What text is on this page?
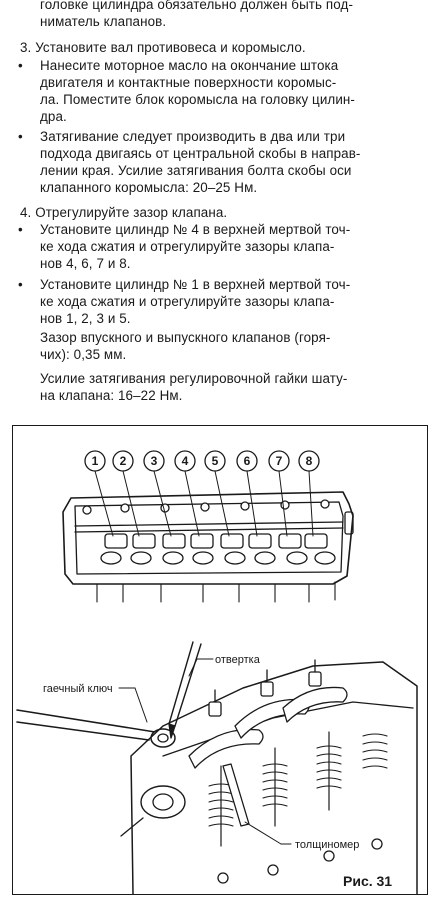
головке цилиндра обязательно должен быть под-
ниматель клапанов.
3. Установите вал противовеса и коромысло.
• Нанесите моторное масло на окончание штока
двигателя и контактные поверхности коромыс-
ла. Поместите блок коромысла на головку цилин-
дра.
• Затягивание следует производить в два или три
подхода двигаясь от центральной скобы в направ-
лении края. Усилие затягивания болта скобы оси
клапанного коромысла: 20–25 Нм.
4. Отрегулируйте зазор клапана.
• Установите цилиндр № 4 в верхней мертвой точ-
ке хода сжатия и отрегулируйте зазоры клапа-
нов 4, 6, 7 и 8.
• Установите цилиндр № 1 в верхней мертвой точ-
ке хода сжатия и отрегулируйте зазоры клапа-
нов 1, 2, 3 и 5.
Зазор впускного и выпускного клапанов (горя-
чих): 0,35 мм.
Усилие затягивания регулировочной гайки шату-
на клапана: 16–22 Нм.
1 2 3 4 5 6 7 8
отвертка
гаечный ключ
толщиномер
Рис. 31
